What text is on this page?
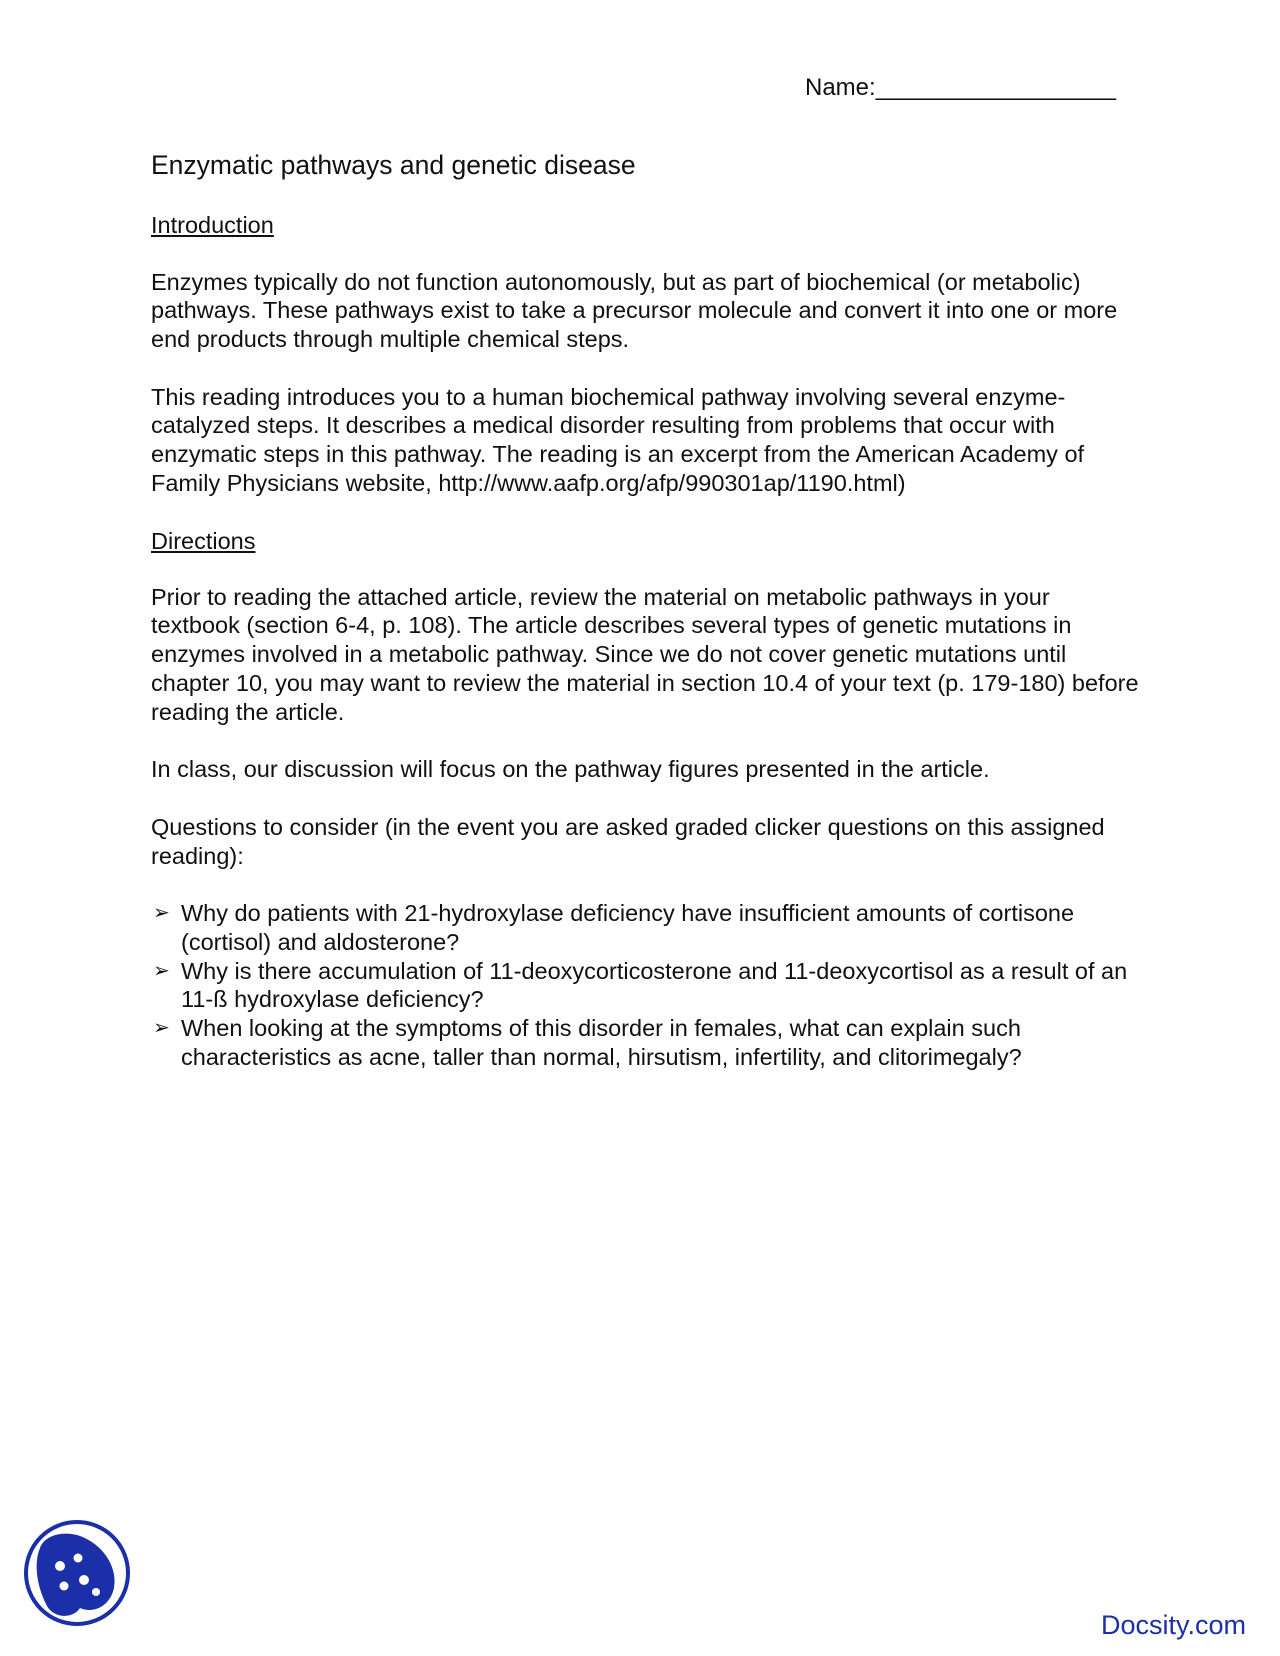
Name:__________________
Enzymatic pathways and genetic disease
Introduction

Enzymes typically do not function autonomously, but as part of biochemical (or metabolic) pathways. These pathways exist to take a precursor molecule and convert it into one or more end products through multiple chemical steps.

This reading introduces you to a human biochemical pathway involving several enzyme-catalyzed steps. It describes a medical disorder resulting from problems that occur with enzymatic steps in this pathway. The reading is an excerpt from the American Academy of Family Physicians website, http://www.aafp.org/afp/990301ap/1190.html)

Directions

Prior to reading the attached article, review the material on metabolic pathways in your textbook (section 6-4, p. 108). The article describes several types of genetic mutations in enzymes involved in a metabolic pathway. Since we do not cover genetic mutations until chapter 10, you may want to review the material in section 10.4 of your text (p. 179-180) before reading the article.

In class, our discussion will focus on the pathway figures presented in the article.

Questions to consider (in the event you are asked graded clicker questions on this assigned reading):

➢ Why do patients with 21-hydroxylase deficiency have insufficient amounts of cortisone (cortisol) and aldosterone?
➢ Why is there accumulation of 11-deoxycorticosterone and 11-deoxycortisol as a result of an 11-ß hydroxylase deficiency?
➢ When looking at the symptoms of this disorder in females, what can explain such characteristics as acne, taller than normal, hirsutism, infertility, and clitorimegaly?
Docsity.com
